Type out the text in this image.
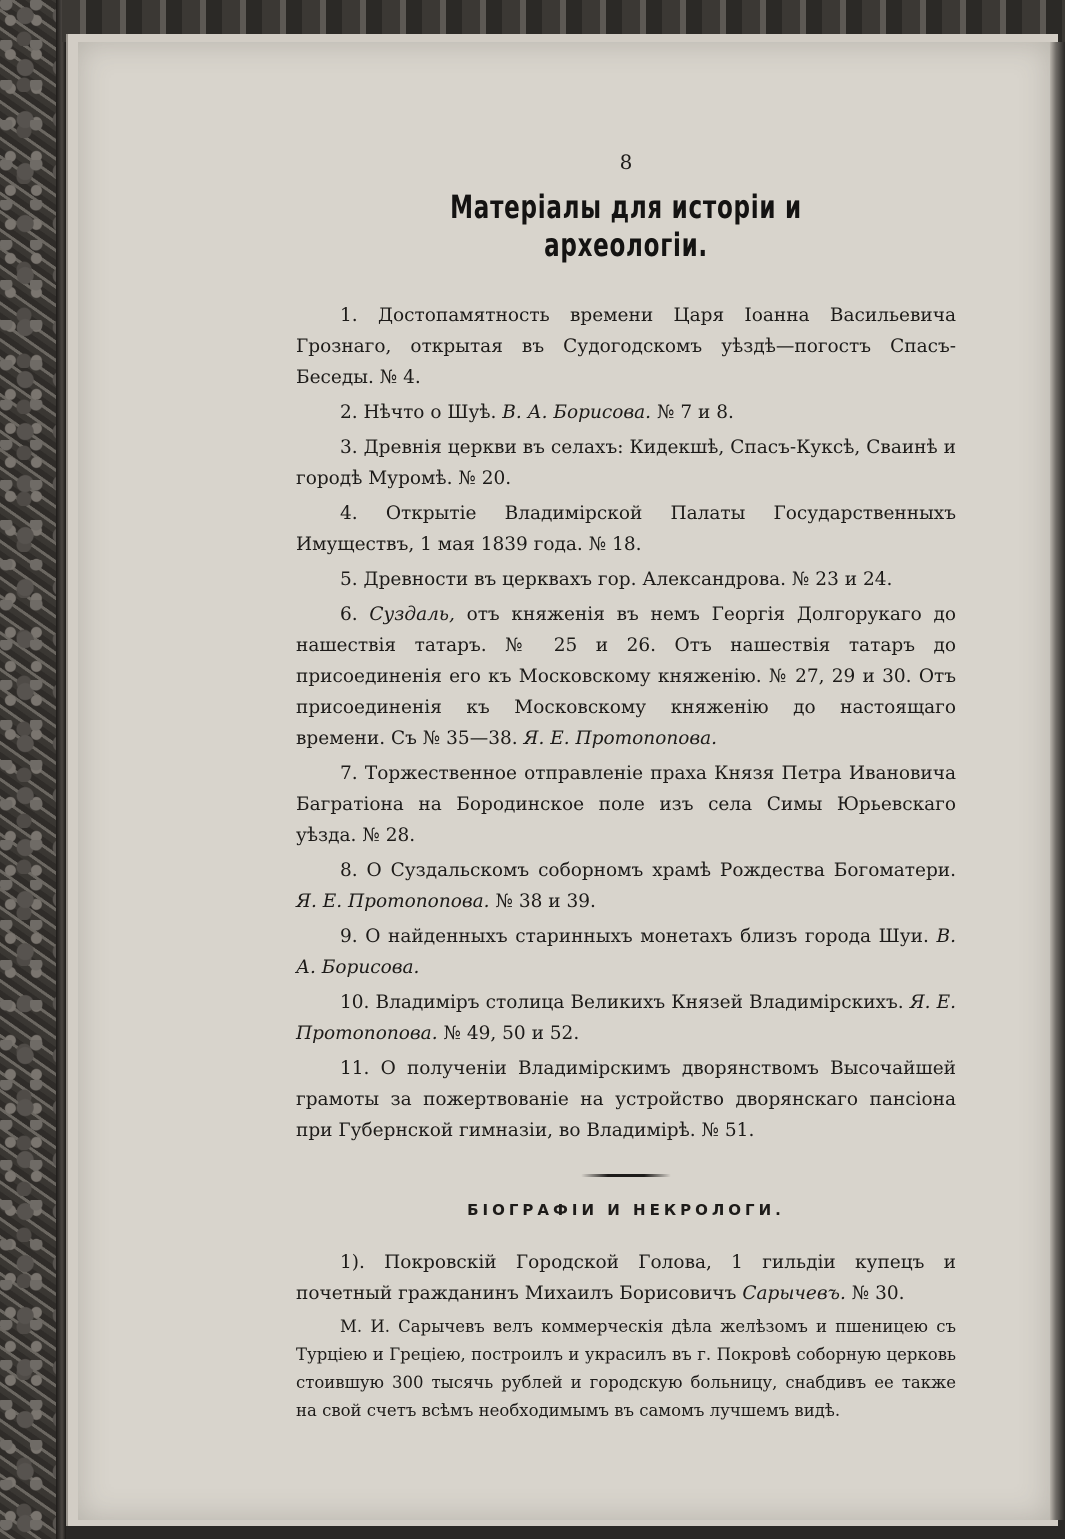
8
Матеріалы для исторіи и археологіи.

1. Достопамятность времени Царя Іоанна Васильевича Грознаго, открытая въ Судогодскомъ уѣздѣ—погостъ Спасъ-Беседы. № 4.

2. Нѣчто о Шуѣ. В. А. Борисова. № 7 и 8.

3. Древнія церкви въ селахъ: Кидекшѣ, Спасъ-Куксѣ, Сваинѣ и городѣ Муромѣ. № 20.

4. Открытіе Владимірской Палаты Государственныхъ Имуществъ, 1 мая 1839 года. № 18.

5. Древности въ церквахъ гор. Александрова. № 23 и 24.

6. Суздаль, отъ княженія въ немъ Георгія Долгорукаго до нашествія татаръ. № 25 и 26. Отъ нашествія татаръ до присоединенія его къ Московскому княженію. № 27, 29 и 30. Отъ присоединенія къ Московскому княженію до настоящаго времени. Съ № 35—38. Я. Е. Протопопова.

7. Торжественное отправленіе праха Князя Петра Ивановича Багратіона на Бородинское поле изъ села Симы Юрьевскаго уѣзда. № 28.

8. О Суздальскомъ соборномъ храмѣ Рождества Богоматери. Я. Е. Протопопова. № 38 и 39.

9. О найденныхъ старинныхъ монетахъ близъ города Шуи. В. А. Борисова.

10. Владимiръ столица Великихъ Князей Владимірскихъ. Я. Е. Протопопова. № 49, 50 и 52.

11. О полученіи Владимірскимъ дворянствомъ Высочайшей грамоты за пожертвованіе на устройство дворянскаго пансіона при Губернской гимназіи, во Владимірѣ. № 51.

БІОГРАФІИ И НЕКРОЛОГИ.

1). Покровскій Городской Голова, 1 гильдіи купецъ и почетный гражданинъ Михаилъ Борисовичъ Сарычевъ. № 30.

М. И. Сарычевъ велъ коммерческія дѣла желѣзомъ и пшеницею съ Турціею и Греціею, построилъ и украсилъ въ г. Покровѣ соборную церковь стоившую 300 тысячь рублей и городскую больницу, снабдивъ ее также на свой счетъ всѣмъ необходимымъ въ самомъ лучшемъ видѣ.
